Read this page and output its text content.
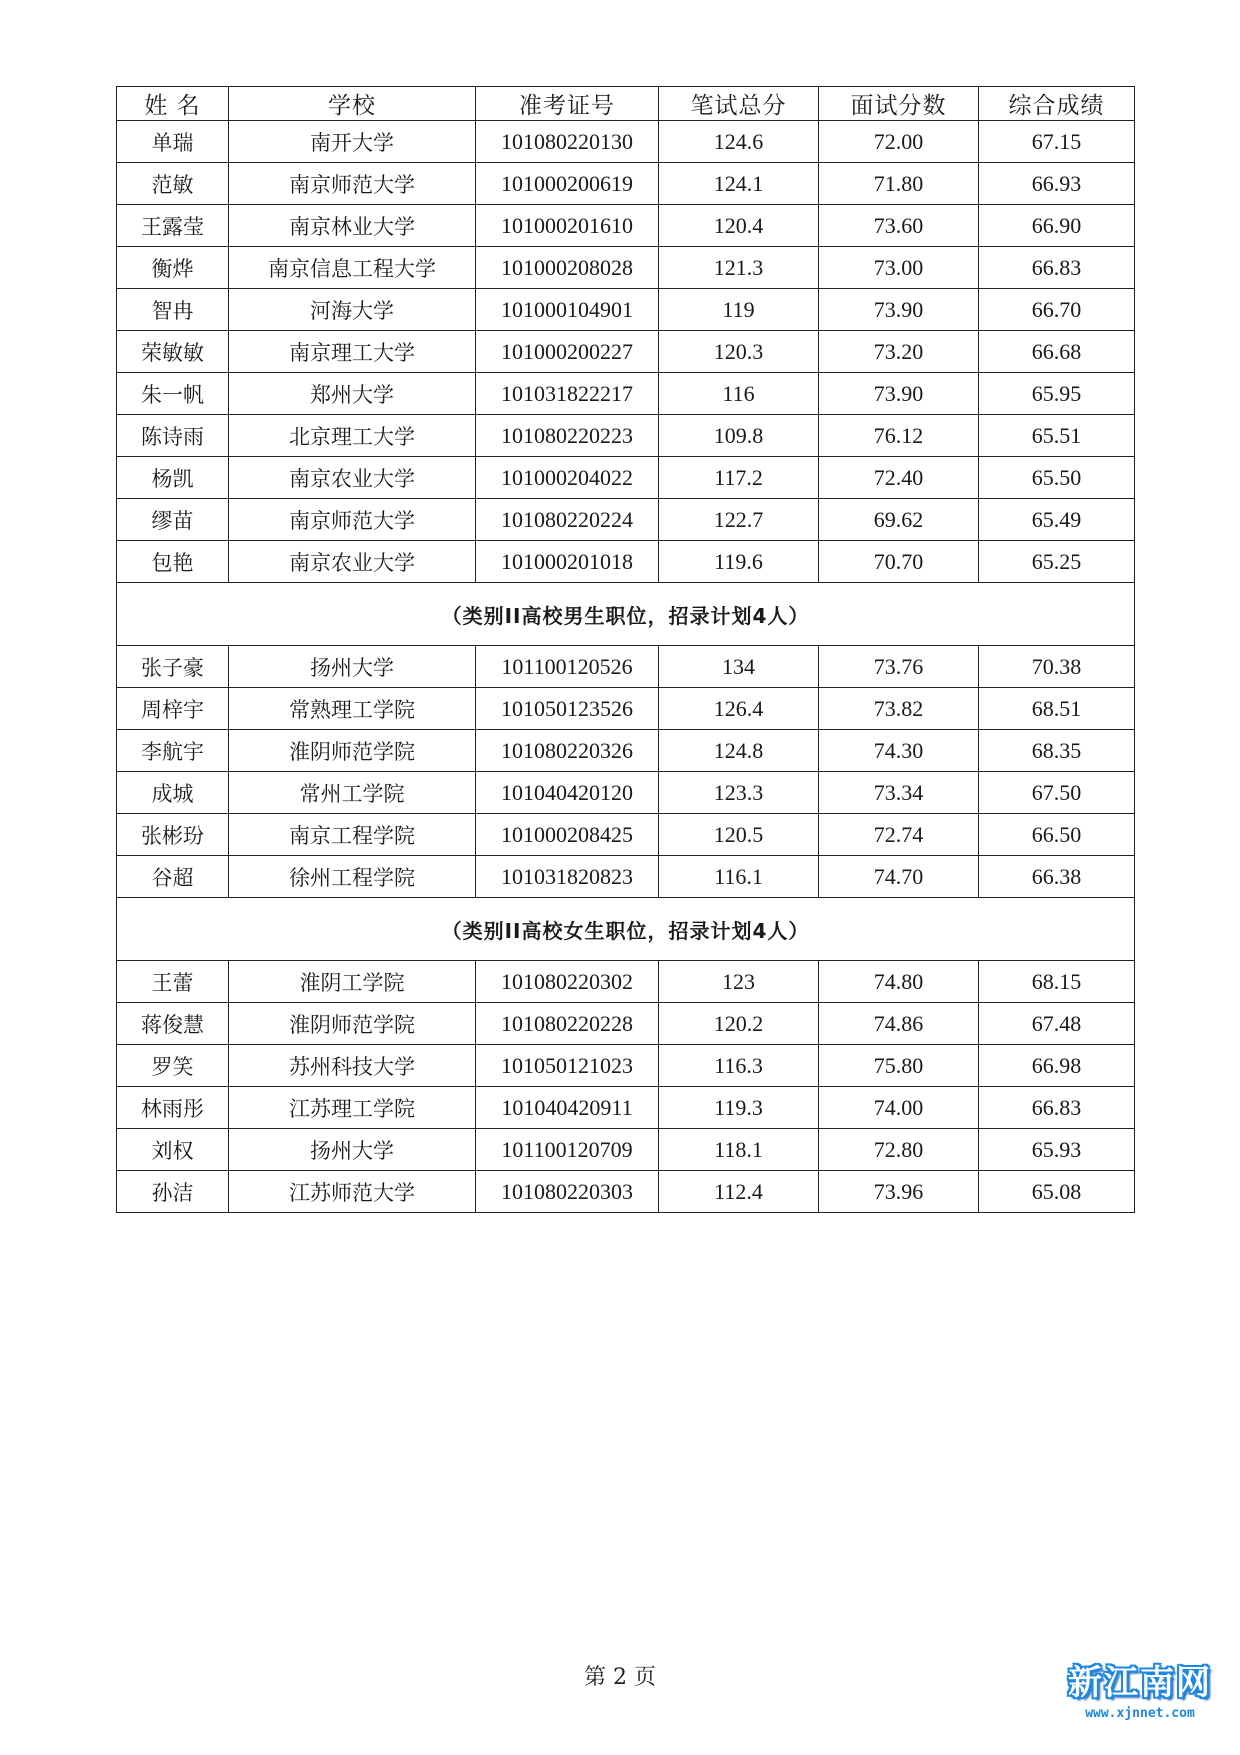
姓 名	学校	准考证号	笔试总分	面试分数	综合成绩
单瑞	南开大学	101080220130	124.6	72.00	67.15
范敏	南京师范大学	101000200619	124.1	71.80	66.93
王露莹	南京林业大学	101000201610	120.4	73.60	66.90
衡烨	南京信息工程大学	101000208028	121.3	73.00	66.83
智冉	河海大学	101000104901	119	73.90	66.70
荣敏敏	南京理工大学	101000200227	120.3	73.20	66.68
朱一帆	郑州大学	101031822217	116	73.90	65.95
陈诗雨	北京理工大学	101080220223	109.8	76.12	65.51
杨凯	南京农业大学	101000204022	117.2	72.40	65.50
缪苗	南京师范大学	101080220224	122.7	69.62	65.49
包艳	南京农业大学	101000201018	119.6	70.70	65.25
（类别II高校男生职位，招录计划4人）					
张子豪	扬州大学	101100120526	134	73.76	70.38
周梓宇	常熟理工学院	101050123526	126.4	73.82	68.51
李航宇	淮阴师范学院	101080220326	124.8	74.30	68.35
成城	常州工学院	101040420120	123.3	73.34	67.50
张彬玢	南京工程学院	101000208425	120.5	72.74	66.50
谷超	徐州工程学院	101031820823	116.1	74.70	66.38
（类别II高校女生职位，招录计划4人）					
王蕾	淮阴工学院	101080220302	123	74.80	68.15
蒋俊慧	淮阴师范学院	101080220228	120.2	74.86	67.48
罗笑	苏州科技大学	101050121023	116.3	75.80	66.98
林雨彤	江苏理工学院	101040420911	119.3	74.00	66.83
刘权	扬州大学	101100120709	118.1	72.80	65.93
孙洁	江苏师范大学	101080220303	112.4	73.96	65.08
第 2 页	新江南网
www.xjnnet.com
